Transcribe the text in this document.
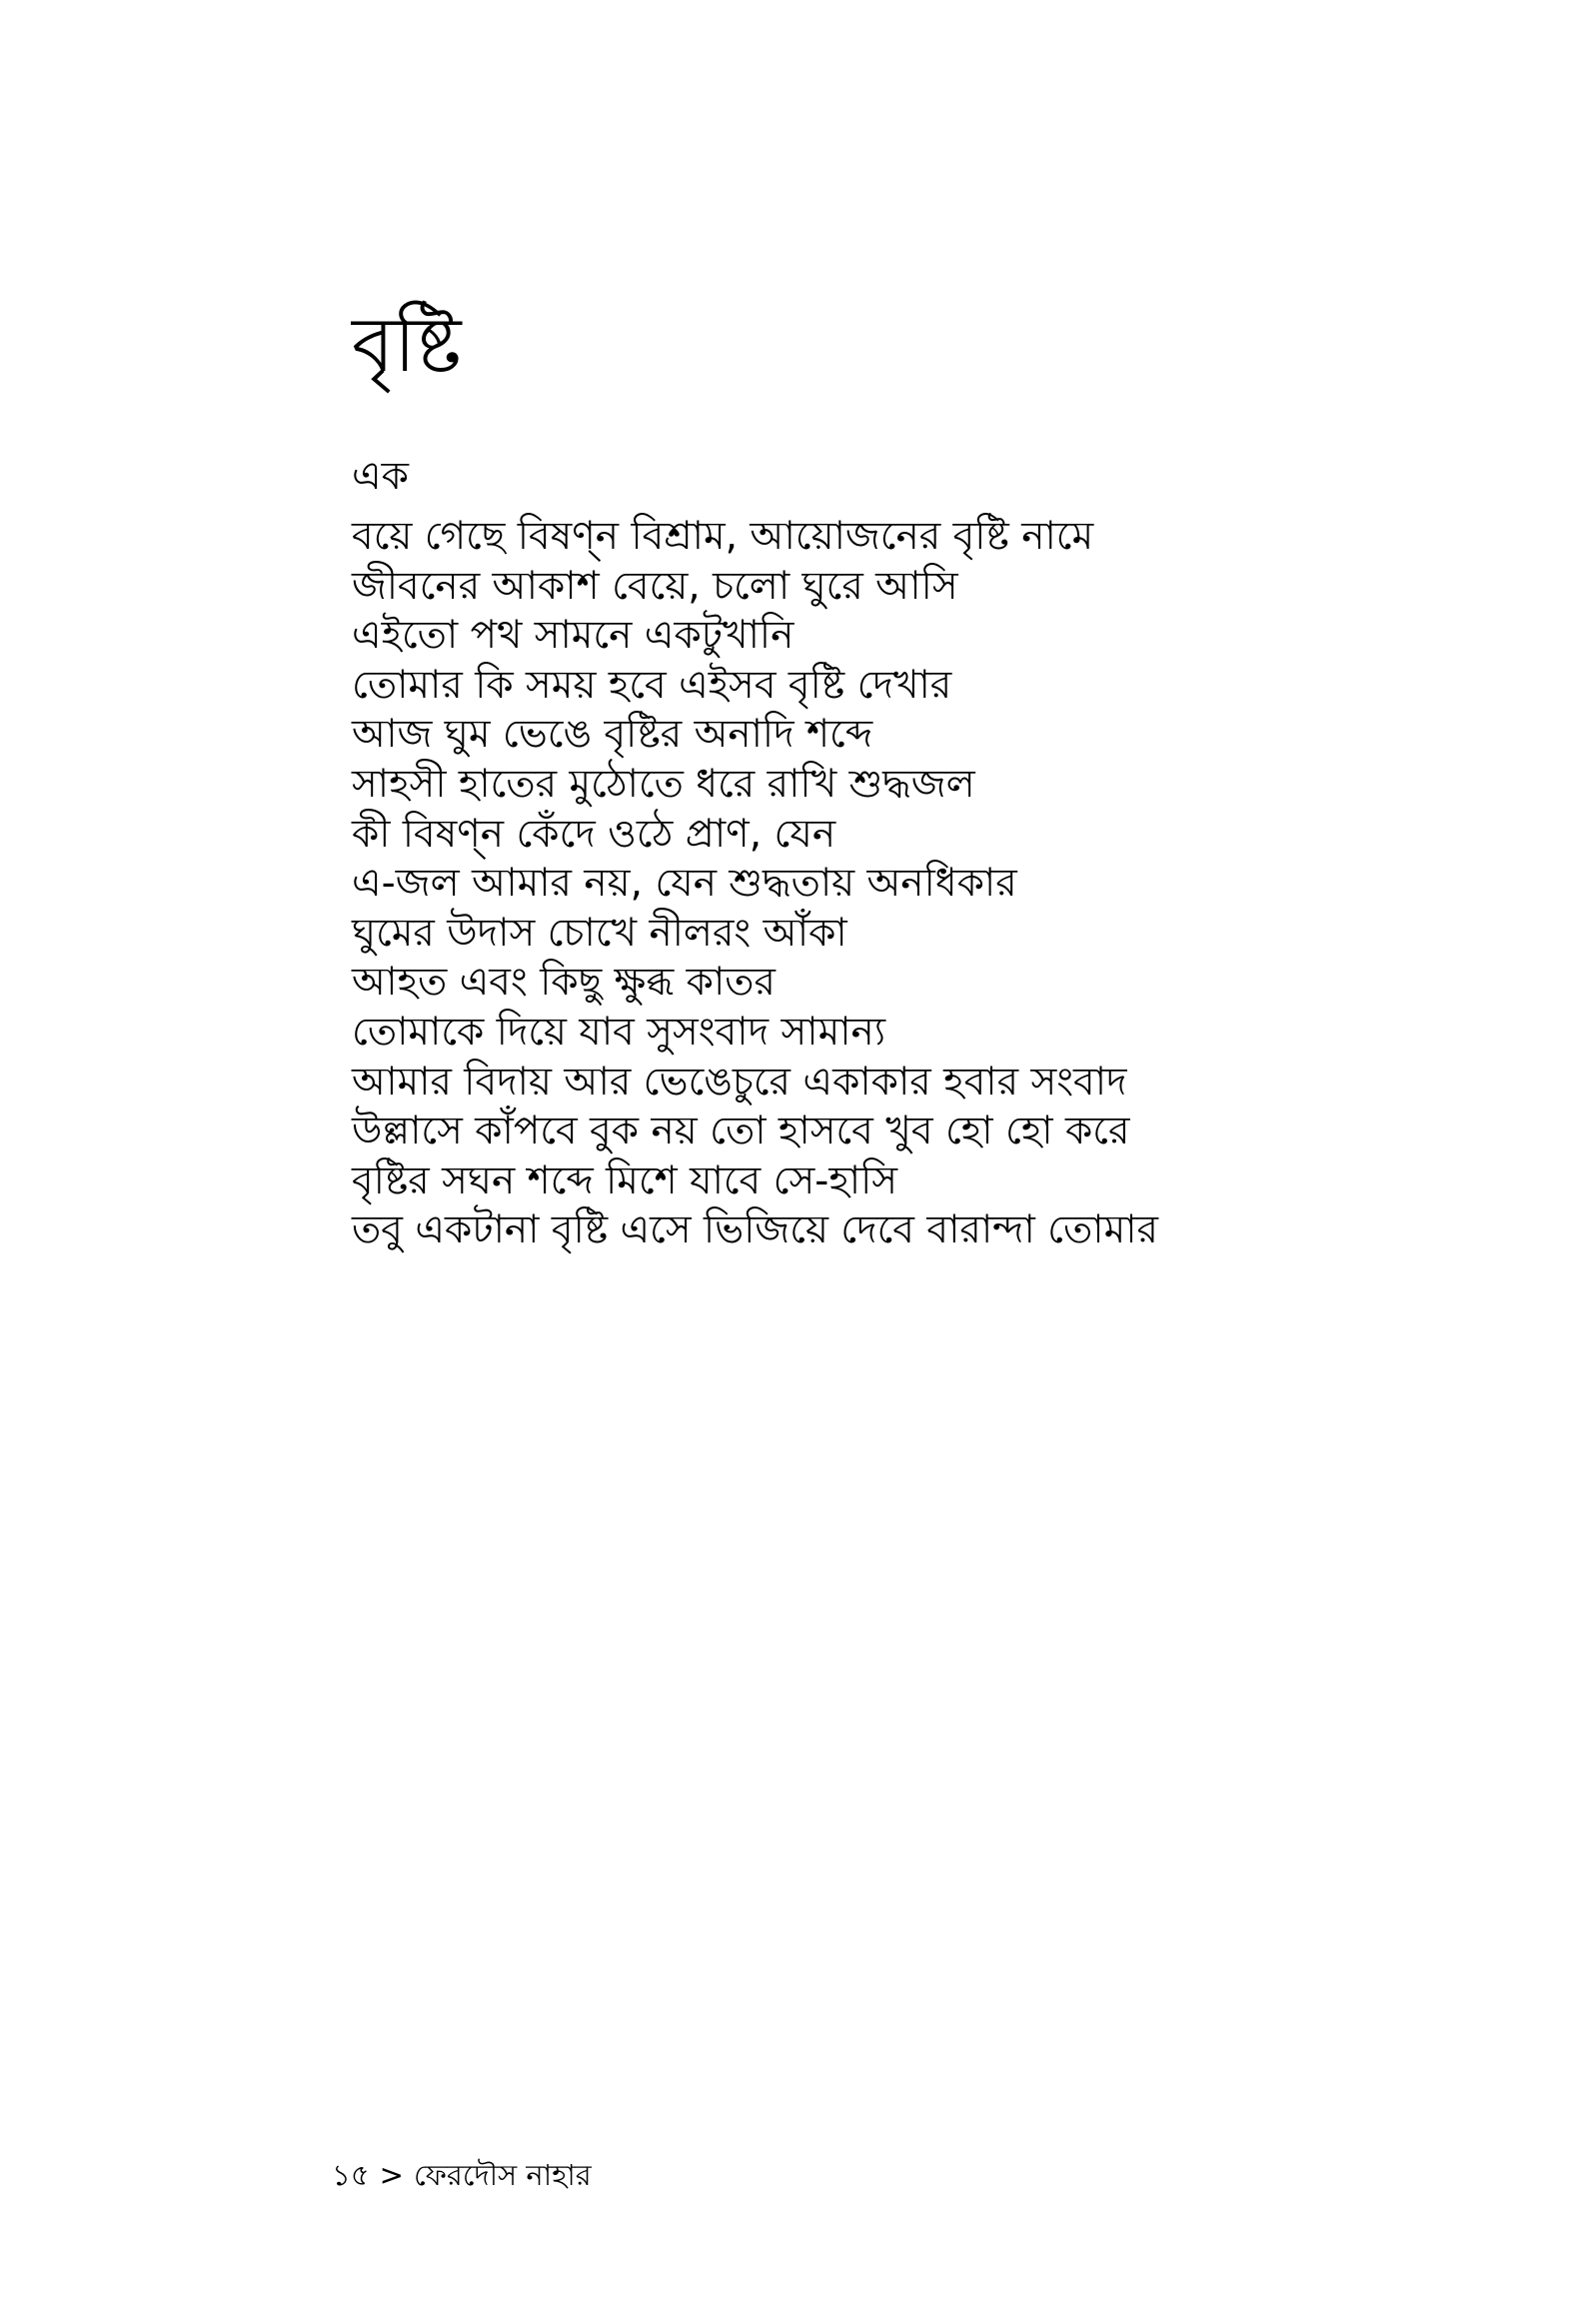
বৃষ্টি
এক
বয়ে গেছে বিষণ্ন বিশ্রাম, আয়োজনের বৃষ্টি নামে
জীবনের আকাশ বেয়ে, চলো ঘুরে আসি
এইতো পথ সামনে একটুখানি
তোমার কি সময় হবে এইসব বৃষ্টি দেখার
আজ ঘুম ভেঙে বৃষ্টির অনাদি শব্দে
সাহসী হাতের মুঠোতে ধরে রাখি শুদ্ধজল
কী বিষণ্ন কেঁদে ওঠে প্রাণ, যেন
এ-জল আমার নয়, যেন শুদ্ধতায় অনধিকার
ঘুমের উদাস চোখে নীলরং আঁকা
আহত এবং কিছু ক্ষুব্ধ কাতর
তোমাকে দিয়ে যাব সুসংবাদ সামান্য
আমার বিদায় আর ভেঙেচুরে একাকার হবার সংবাদ
উল্লাসে কাঁপবে বুক নয় তো হাসবে খুব হো হো করে
বৃষ্টির সঘন শব্দে মিশে যাবে সে-হাসি
তবু একটানা বৃষ্টি এসে ভিজিয়ে দেবে বারান্দা তোমার
১৫ > ফেরদৌস নাহার
